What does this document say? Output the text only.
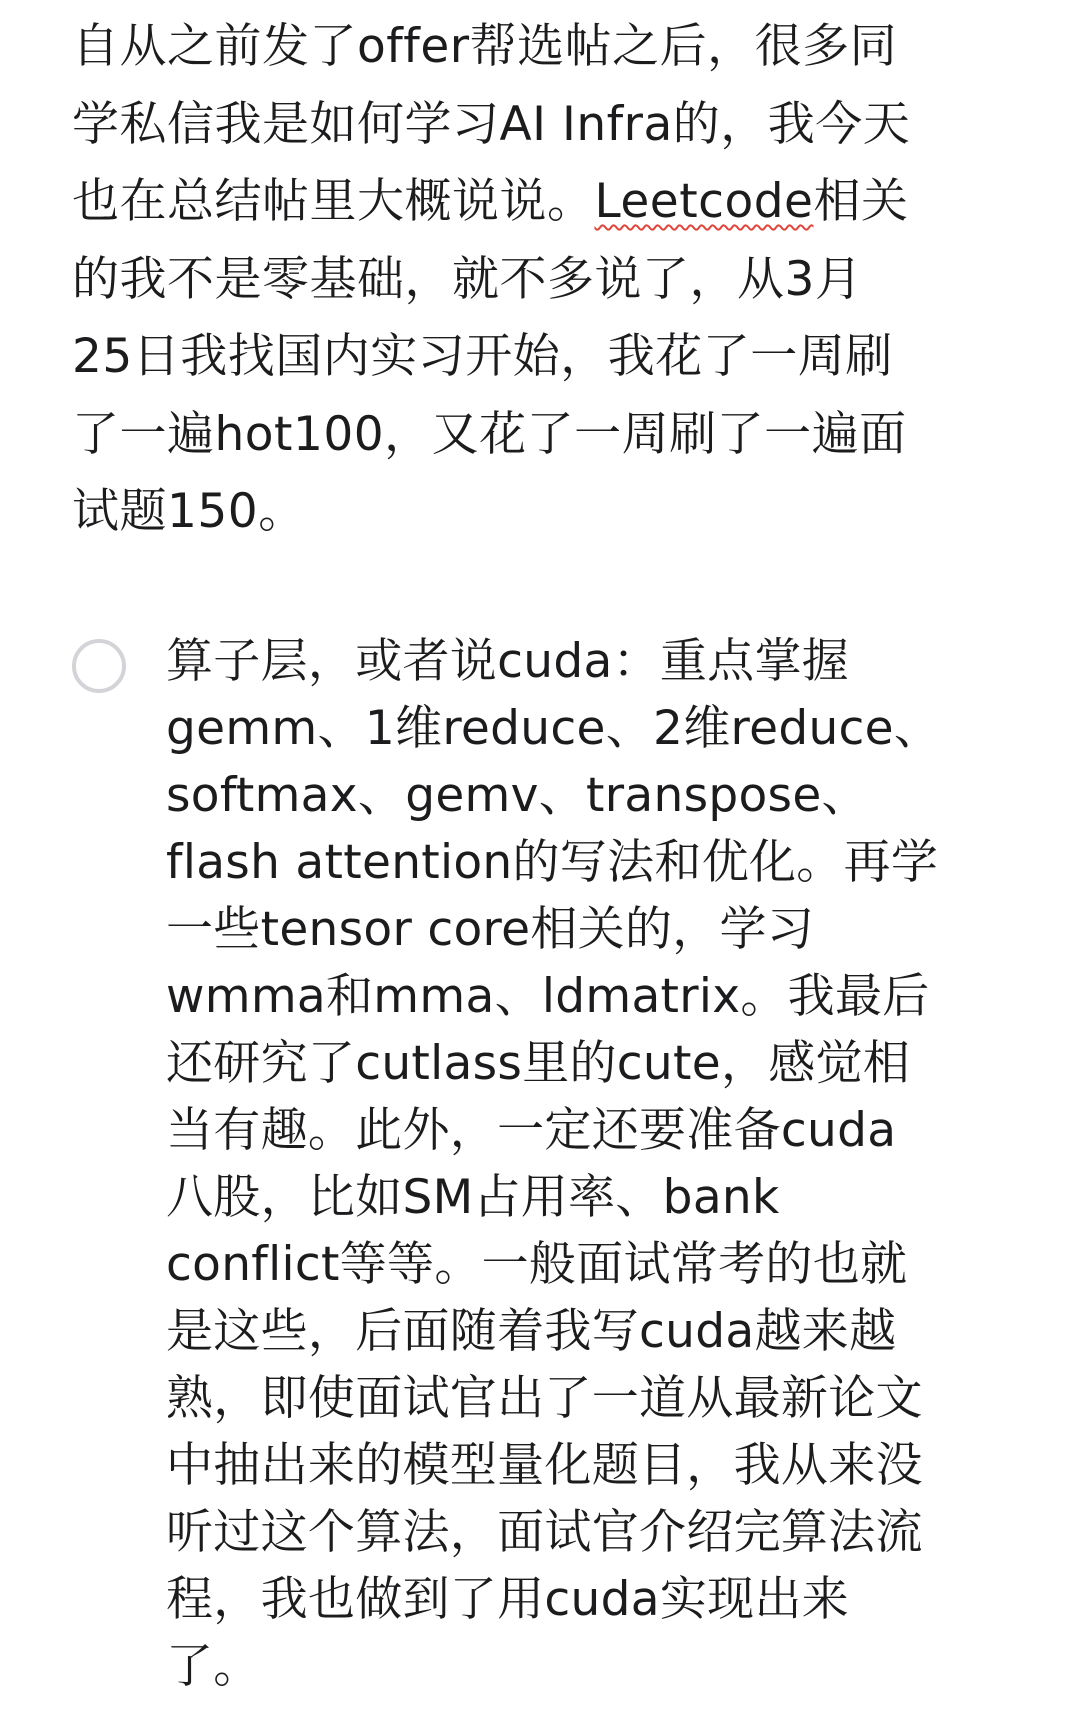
自从之前发了offer帮选帖之后，很多同
学私信我是如何学习AI Infra的，我今天
也在总结帖里大概说说。Leetcode相关
的我不是零基础，就不多说了，从3月
25日我找国内实习开始，我花了一周刷
了一遍hot100，又花了一周刷了一遍面
试题150。

算子层，或者说cuda：重点掌握
gemm、1维reduce、2维reduce、
softmax、gemv、transpose、
flash attention的写法和优化。再学
一些tensor core相关的，学习
wmma和mma、ldmatrix。我最后
还研究了cutlass里的cute，感觉相
当有趣。此外，一定还要准备cuda
八股，比如SM占用率、bank
conflict等等。一般面试常考的也就
是这些，后面随着我写cuda越来越
熟，即使面试官出了一道从最新论文
中抽出来的模型量化题目，我从来没
听过这个算法，面试官介绍完算法流
程，我也做到了用cuda实现出来
了。
